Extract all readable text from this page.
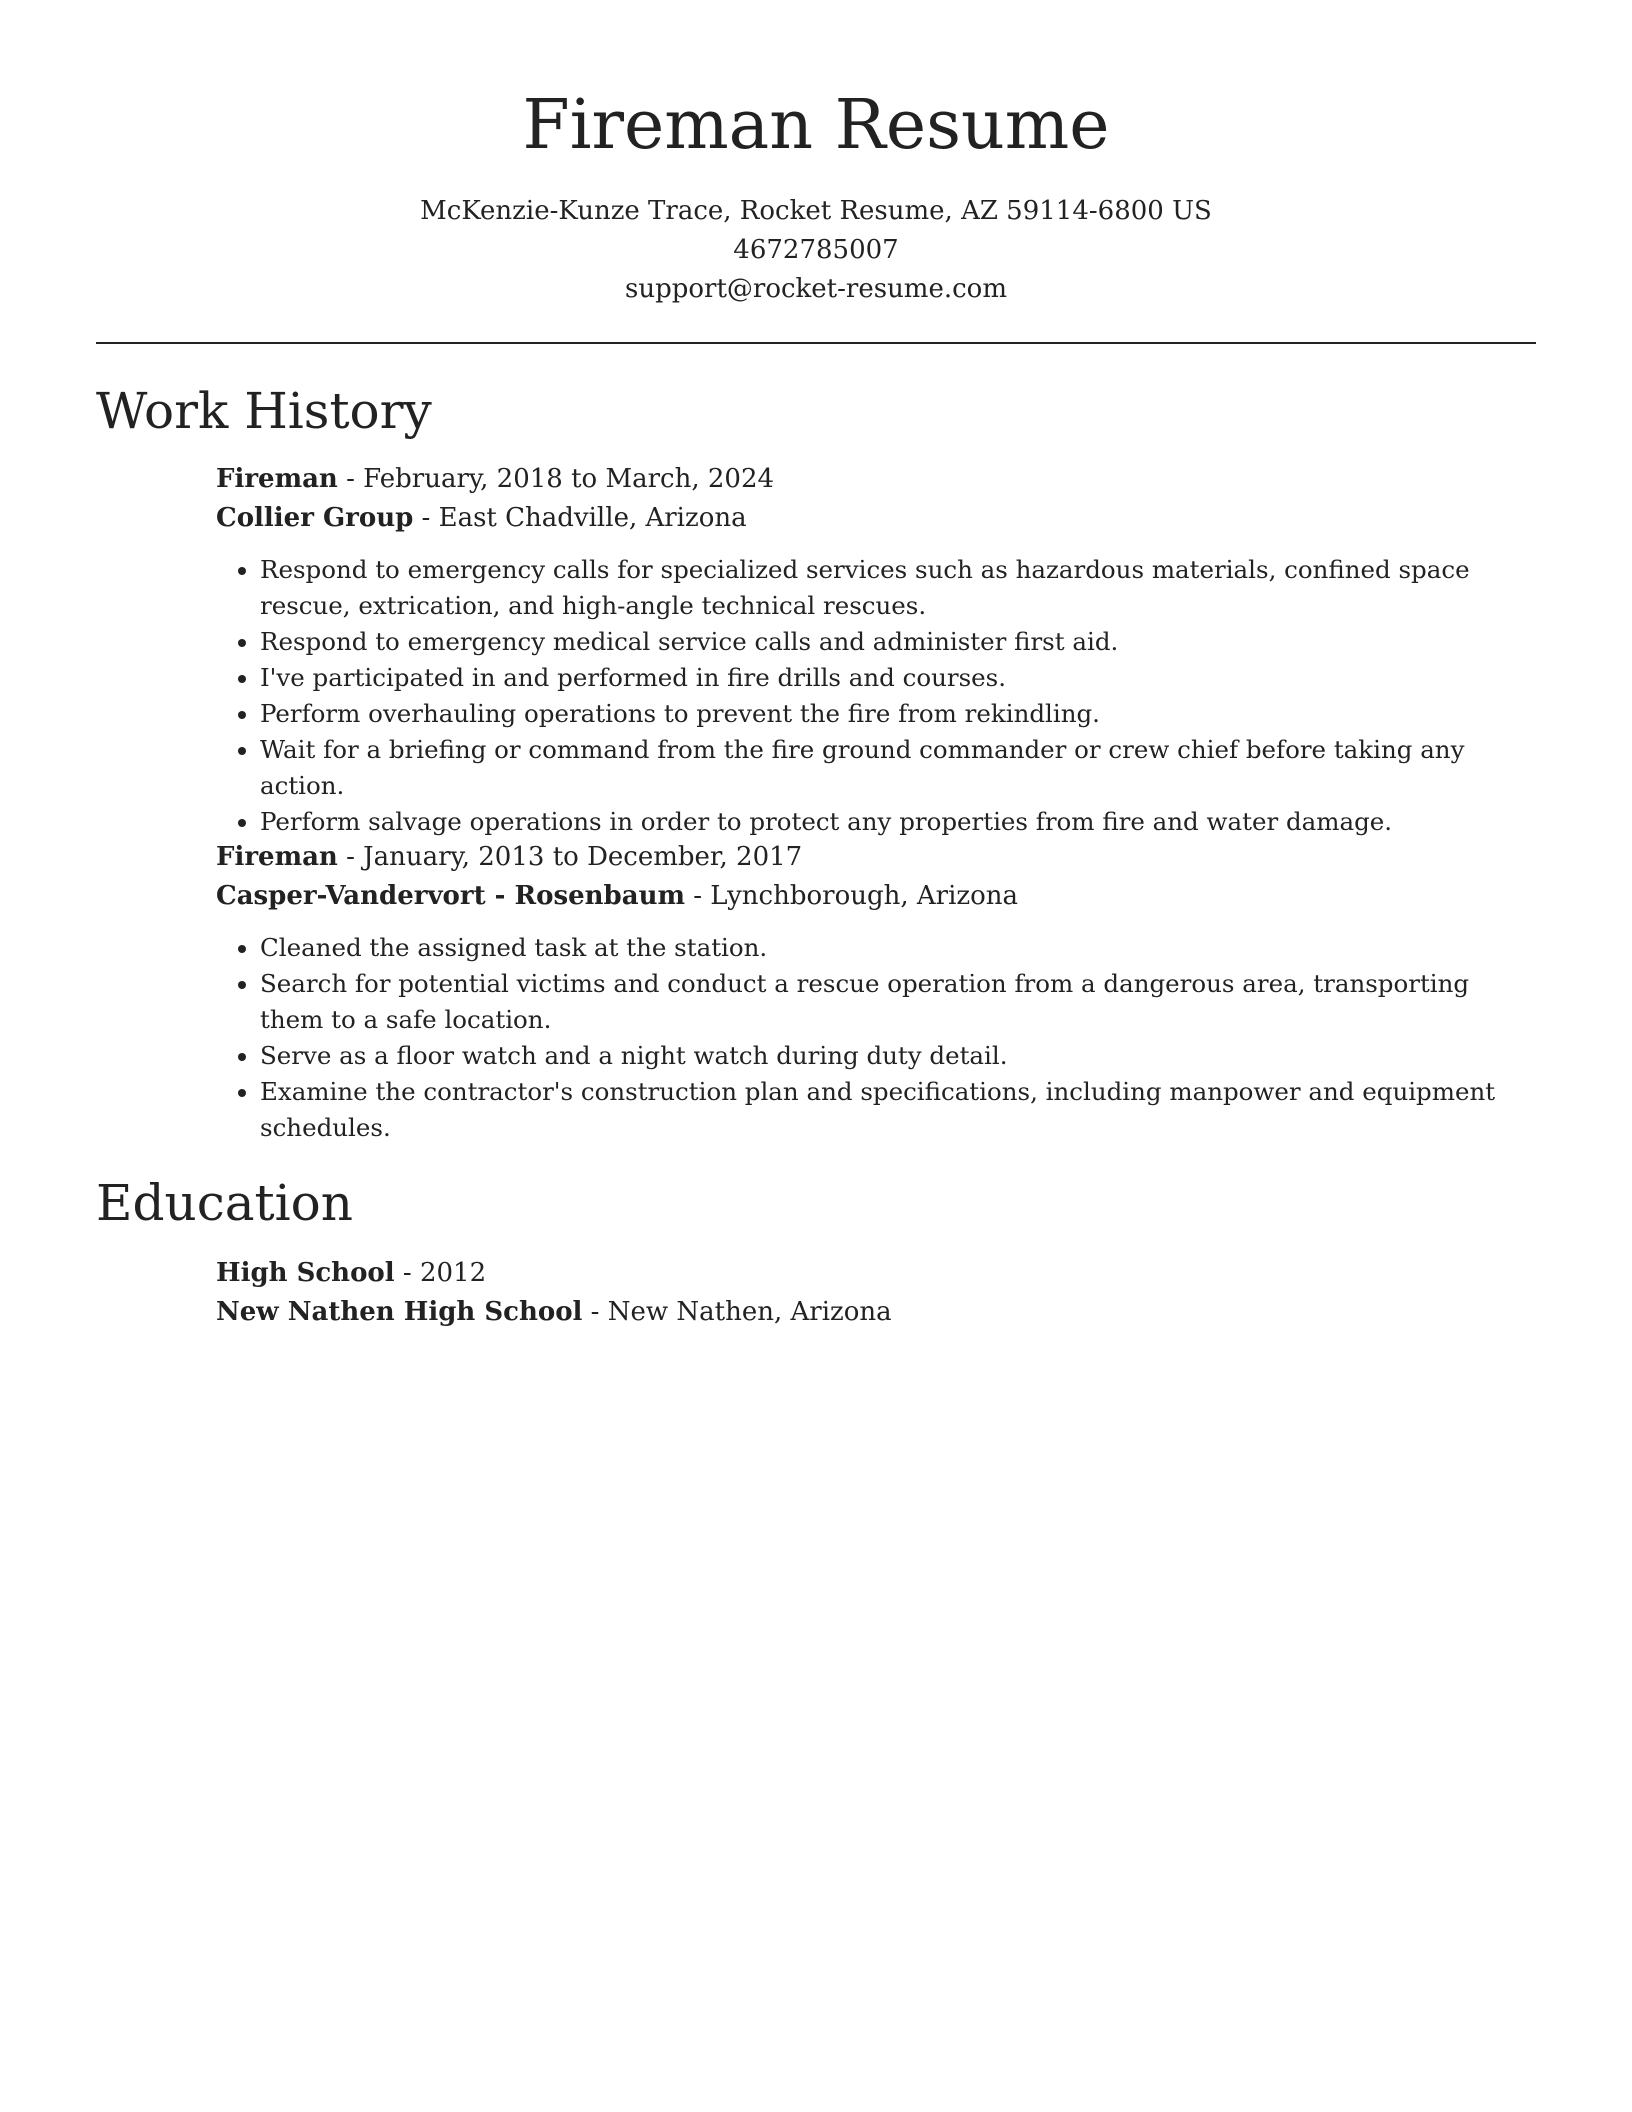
Fireman Resume

McKenzie-Kunze Trace, Rocket Resume, AZ 59114-6800 US

4672785007

support@rocket-resume.com

Work History

Fireman - February, 2018 to March, 2024

Collier Group - East Chadville, Arizona

• Respond to emergency calls for specialized services such as hazardous materials, confined space rescue, extrication, and high-angle technical rescues.
• Respond to emergency medical service calls and administer first aid.
• I've participated in and performed in fire drills and courses.
• Perform overhauling operations to prevent the fire from rekindling.
• Wait for a briefing or command from the fire ground commander or crew chief before taking any action.
• Perform salvage operations in order to protect any properties from fire and water damage.

Fireman - January, 2013 to December, 2017

Casper-Vandervort - Rosenbaum - Lynchborough, Arizona

• Cleaned the assigned task at the station.
• Search for potential victims and conduct a rescue operation from a dangerous area, transporting them to a safe location.
• Serve as a floor watch and a night watch during duty detail.
• Examine the contractor's construction plan and specifications, including manpower and equipment schedules.
Education

High School - 2012

New Nathen High School - New Nathen, Arizona
